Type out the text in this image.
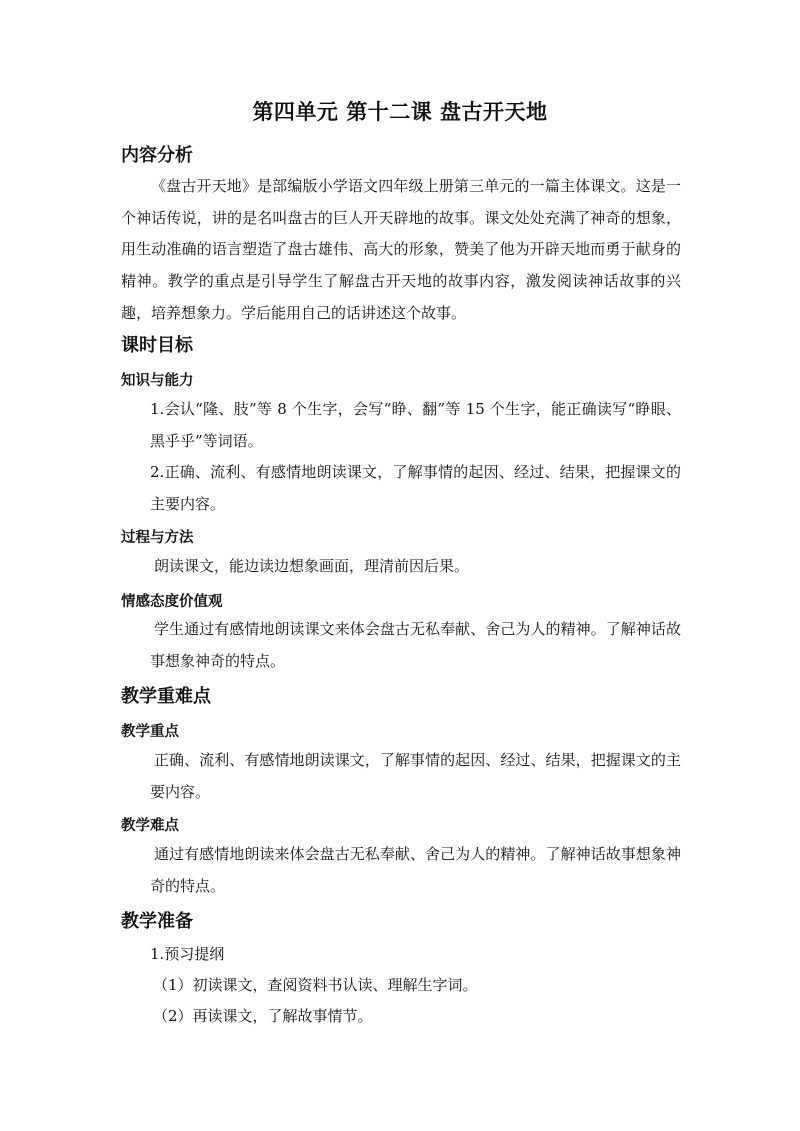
第四单元 第十二课 盘古开天地
内容分析
《盘古开天地》是部编版小学语文四年级上册第三单元的一篇主体课文。这是一个神话传说，讲的是名叫盘古的巨人开天辟地的故事。课文处处充满了神奇的想象，用生动准确的语言塑造了盘古雄伟、高大的形象，赞美了他为开辟天地而勇于献身的精神。教学的重点是引导学生了解盘古开天地的故事内容，激发阅读神话故事的兴趣，培养想象力。学后能用自己的话讲述这个故事。
课时目标
知识与能力
1.会认“隆、肢”等 8 个生字，会写“睁、翻”等 15 个生字，能正确读写“睁眼、黑乎乎”等词语。
2.正确、流利、有感情地朗读课文，了解事情的起因、经过、结果，把握课文的主要内容。
过程与方法
朗读课文，能边读边想象画面，理清前因后果。
情感态度价值观
学生通过有感情地朗读课文来体会盘古无私奉献、舍己为人的精神。了解神话故事想象神奇的特点。
教学重难点
教学重点
正确、流利、有感情地朗读课文，了解事情的起因、经过、结果，把握课文的主要内容。
教学难点
通过有感情地朗读来体会盘古无私奉献、舍己为人的精神。了解神话故事想象神奇的特点。
教学准备
1.预习提纲
（1）初读课文，查阅资料书认读、理解生字词。
（2）再读课文，了解故事情节。
